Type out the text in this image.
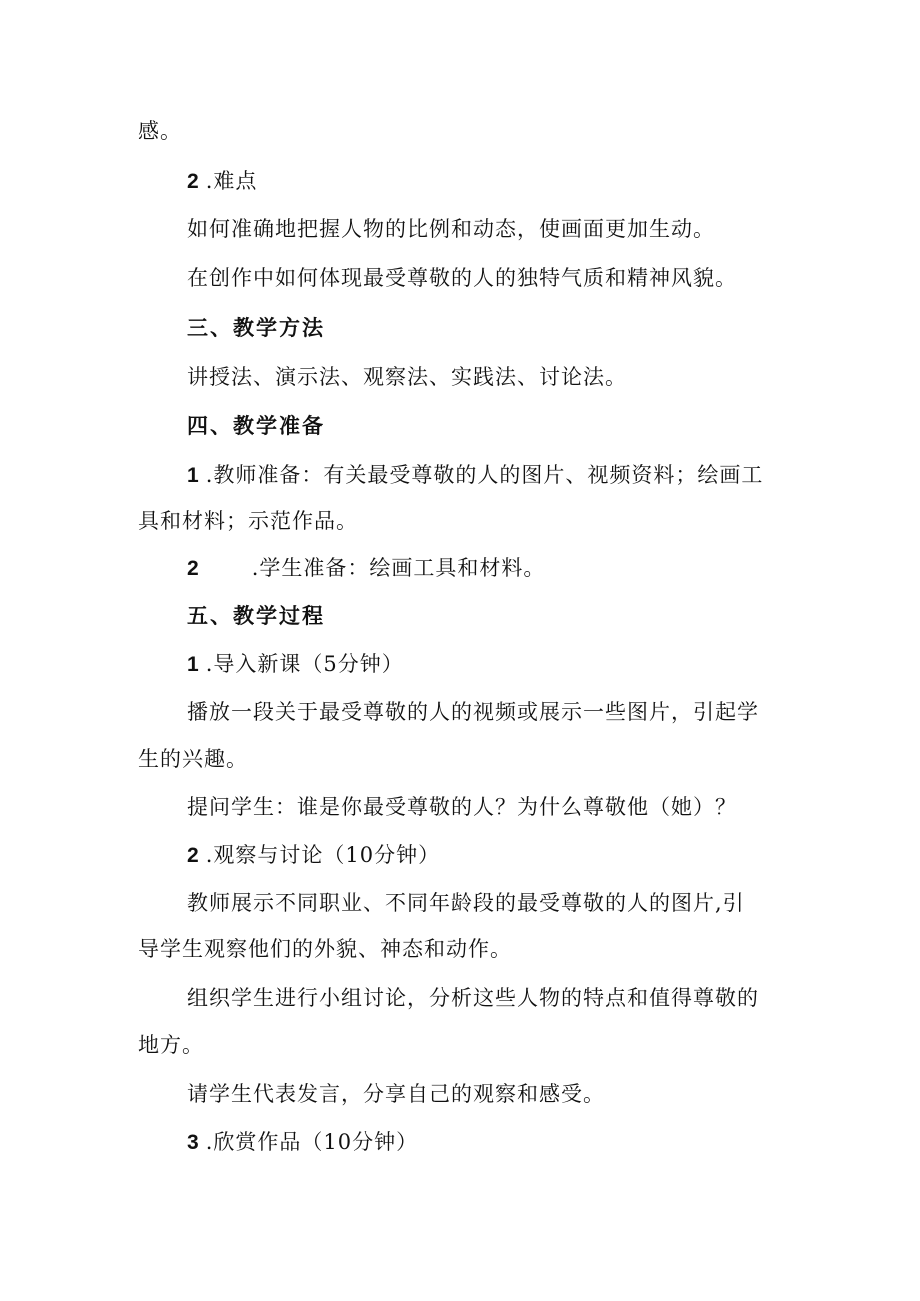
感。
2 .难点
如何准确地把握人物的比例和动态，使画面更加生动。
在创作中如何体现最受尊敬的人的独特气质和精神风貌。
三、教学方法
讲授法、演示法、观察法、实践法、讨论法。
四、教学准备
1 .教师准备：有关最受尊敬的人的图片、视频资料；绘画工
具和材料；示范作品。
2 .学生准备：绘画工具和材料。
五、教学过程
1 .导入新课（5分钟）
播放一段关于最受尊敬的人的视频或展示一些图片，引起学
生的兴趣。
提问学生：谁是你最受尊敬的人？为什么尊敬他（她）？
2 .观察与讨论（10分钟）
教师展示不同职业、不同年龄段的最受尊敬的人的图片,引
导学生观察他们的外貌、神态和动作。
组织学生进行小组讨论，分析这些人物的特点和值得尊敬的
地方。
请学生代表发言，分享自己的观察和感受。
3 .欣赏作品（10分钟）
